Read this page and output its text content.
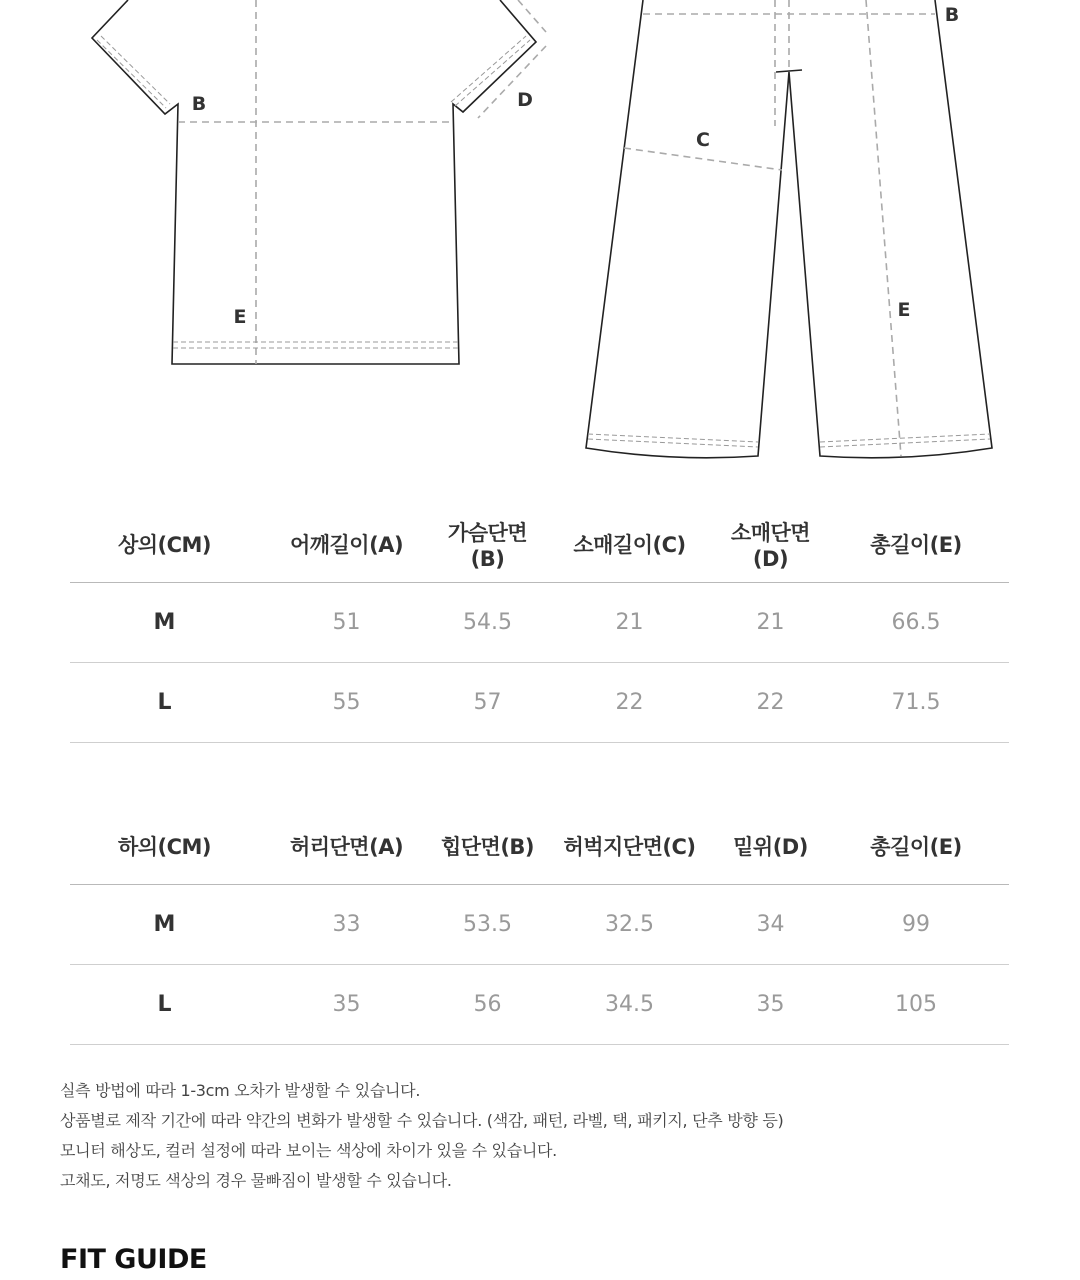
B	D
E
B
C
E
상의(CM)	어깨길이(A)	가슴단면(B)	소매길이(C)	소매단면(D)	총길이(E)
M	51	54.5	21	21	66.5
L	55	57	22	22	71.5
하의(CM)	허리단면(A)	힙단면(B)	허벅지단면(C)	밑위(D)	총길이(E)
M	33	53.5	32.5	34	99
L	35	56	34.5	35	105
실측 방법에 따라 1-3cm 오차가 발생할 수 있습니다.
상품별로 제작 기간에 따라 약간의 변화가 발생할 수 있습니다. (색감, 패턴, 라벨, 택, 패키지, 단추 방향 등)
모니터 해상도, 컬러 설정에 따라 보이는 색상에 차이가 있을 수 있습니다.
고채도, 저명도 색상의 경우 물빠짐이 발생할 수 있습니다.
FIT GUIDE
